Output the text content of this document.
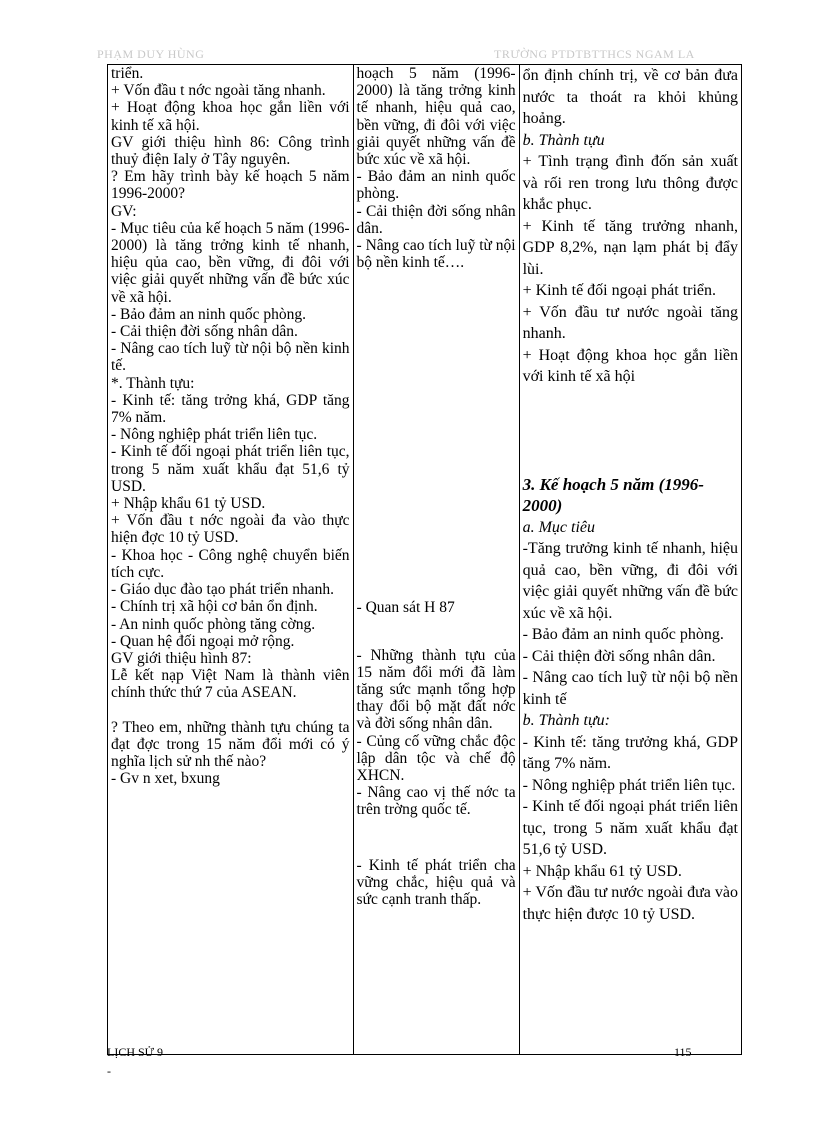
PHẠM DUY HÙNG	TRƯỜNG PTDTBTTHCS NGAM LA
triển.
+ Vốn đầu t nớc ngoài tăng nhanh.
+ Hoạt động khoa học gắn liền với kinh tế xã hội.
GV giới thiệu hình 86: Công trình thuỷ điện Ialy ở Tây nguyên.
? Em hãy trình bày kế hoạch 5 năm 1996-2000?
GV:
- Mục tiêu của kế hoạch 5 năm (1996-2000) là tăng trởng kinh tế nhanh, hiệu qủa cao, bền vững, đi đôi với việc giải quyết những vấn đề bức xúc về xã hội.
- Bảo đảm an ninh quốc phòng.
- Cải thiện đời sống nhân dân.
- Nâng cao tích luỹ từ nội bộ nền kinh tế.
*. Thành tựu:
- Kinh tế: tăng trởng khá, GDP tăng 7% năm.
- Nông nghiệp phát triển liên tục.
- Kinh tế đối ngoại phát triển liên tục, trong 5 năm xuất khẩu đạt 51,6 tỷ USD.
+ Nhập khẩu 61 tỷ USD.
+ Vốn đầu t nớc ngoài đa vào thực hiện đợc 10 tỷ USD.
- Khoa học - Công nghệ chuyển biến tích cực.
- Giáo dục đào tạo phát triển nhanh.
- Chính trị xã hội cơ bản ổn định.
- An ninh quốc phòng tăng cờng.
- Quan hệ đối ngoại mở rộng.
GV giới thiệu hình 87:
Lễ kết nạp Việt Nam là thành viên chính thức thứ 7 của ASEAN.
? Theo em, những thành tựu chúng ta đạt đợc trong 15 năm đổi mới có ý nghĩa lịch sử nh thế nào?
- Gv n xet, bxung

hoạch 5 năm (1996-2000) là tăng trởng kinh tế nhanh, hiệu quả cao, bền vững, đi đôi với việc giải quyết những vấn đề bức xúc về xã hội.
- Bảo đảm an ninh quốc phòng.
- Cải thiện đời sống nhân dân.
- Nâng cao tích luỹ từ nội bộ nền kinh tế….
- Quan sát H 87
- Những thành tựu của 15 năm đổi mới đã làm tăng sức mạnh tổng hợp thay đổi bộ mặt đất nớc và đời sống nhân dân.
- Củng cố vững chắc độc lập dân tộc và chế độ XHCN.
- Nâng cao vị thế nớc ta trên trờng quốc tế.
- Kinh tế phát triển cha vững chắc, hiệu quả và sức cạnh tranh thấp.

ổn định chính trị, về cơ bản đưa nước ta thoát ra khỏi khủng hoảng.
b. Thành tựu
+ Tình trạng đình đốn sản xuất và rối ren trong lưu thông được khắc phục.
+ Kinh tế tăng trưởng nhanh, GDP 8,2%, nạn lạm phát bị đẩy lùi.
+ Kinh tế đối ngoại phát triển.
+ Vốn đầu tư nước ngoài tăng nhanh.
+ Hoạt động khoa học gắn liền với kinh tế xã hội
3. Kế hoạch 5 năm (1996-2000)
a. Mục tiêu
-Tăng trưởng kinh tế nhanh, hiệu quả cao, bền vững, đi đôi với việc giải quyết những vấn đề bức xúc về xã hội.
- Bảo đảm an ninh quốc phòng.
- Cải thiện đời sống nhân dân.
- Nâng cao tích luỹ từ nội bộ nền kinh tế
b. Thành tựu:
- Kinh tế: tăng trưởng khá, GDP tăng 7% năm.
- Nông nghiệp phát triển liên tục.
- Kinh tế đối ngoại phát triển liên tục, trong 5 năm xuất khẩu đạt 51,6 tỷ USD.
+ Nhập khẩu 61 tỷ USD.
+ Vốn đầu tư nước ngoài đưa vào thực hiện được 10 tỷ USD.
LỊCH SỬ 9	115
-
